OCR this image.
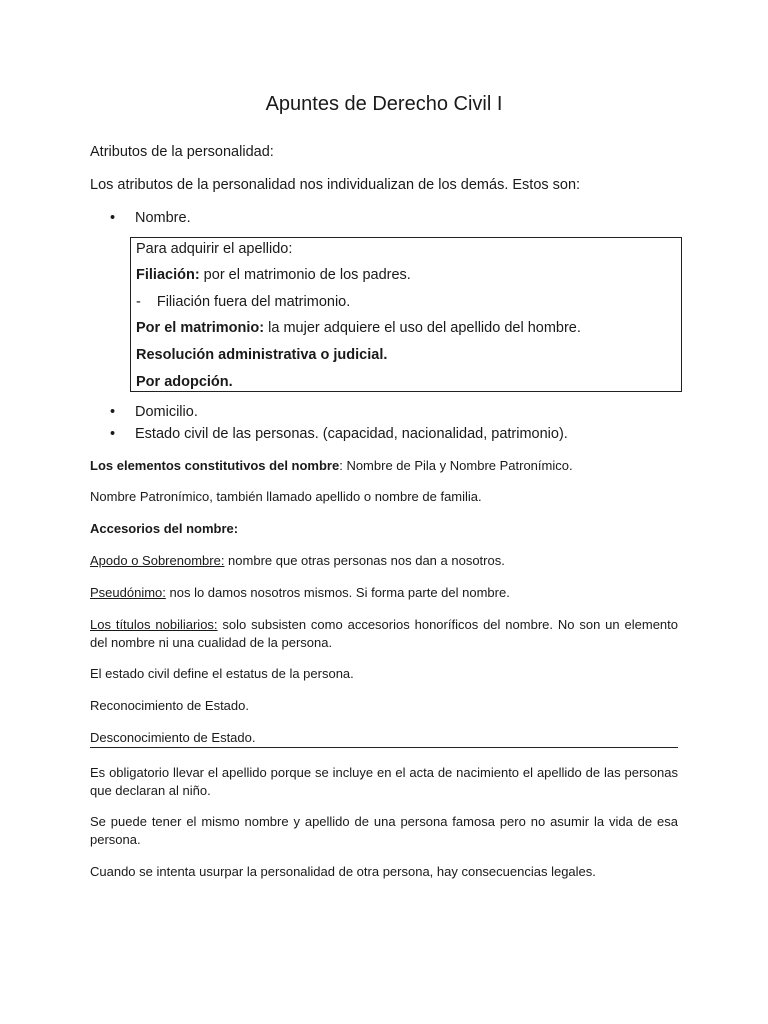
Apuntes de Derecho Civil I
Atributos de la personalidad:
Los atributos de la personalidad nos individualizan de los demás. Estos son:
• Nombre.
Para adquirir el apellido:
Filiación: por el matrimonio de los padres.
- Filiación fuera del matrimonio.
Por el matrimonio: la mujer adquiere el uso del apellido del hombre.
Resolución administrativa o judicial.
Por adopción.
• Domicilio.
• Estado civil de las personas. (capacidad, nacionalidad, patrimonio).
Los elementos constitutivos del nombre: Nombre de Pila y Nombre Patronímico.
Nombre Patronímico, también llamado apellido o nombre de familia.
Accesorios del nombre:
Apodo o Sobrenombre: nombre que otras personas nos dan a nosotros.
Pseudónimo: nos lo damos nosotros mismos. Si forma parte del nombre.
Los títulos nobiliarios: solo subsisten como accesorios honoríficos del nombre. No son un elemento del nombre ni una cualidad de la persona.
El estado civil define el estatus de la persona.
Reconocimiento de Estado.
Desconocimiento de Estado.
Es obligatorio llevar el apellido porque se incluye en el acta de nacimiento el apellido de las personas que declaran al niño.
Se puede tener el mismo nombre y apellido de una persona famosa pero no asumir la vida de esa persona.
Cuando se intenta usurpar la personalidad de otra persona, hay consecuencias legales.
